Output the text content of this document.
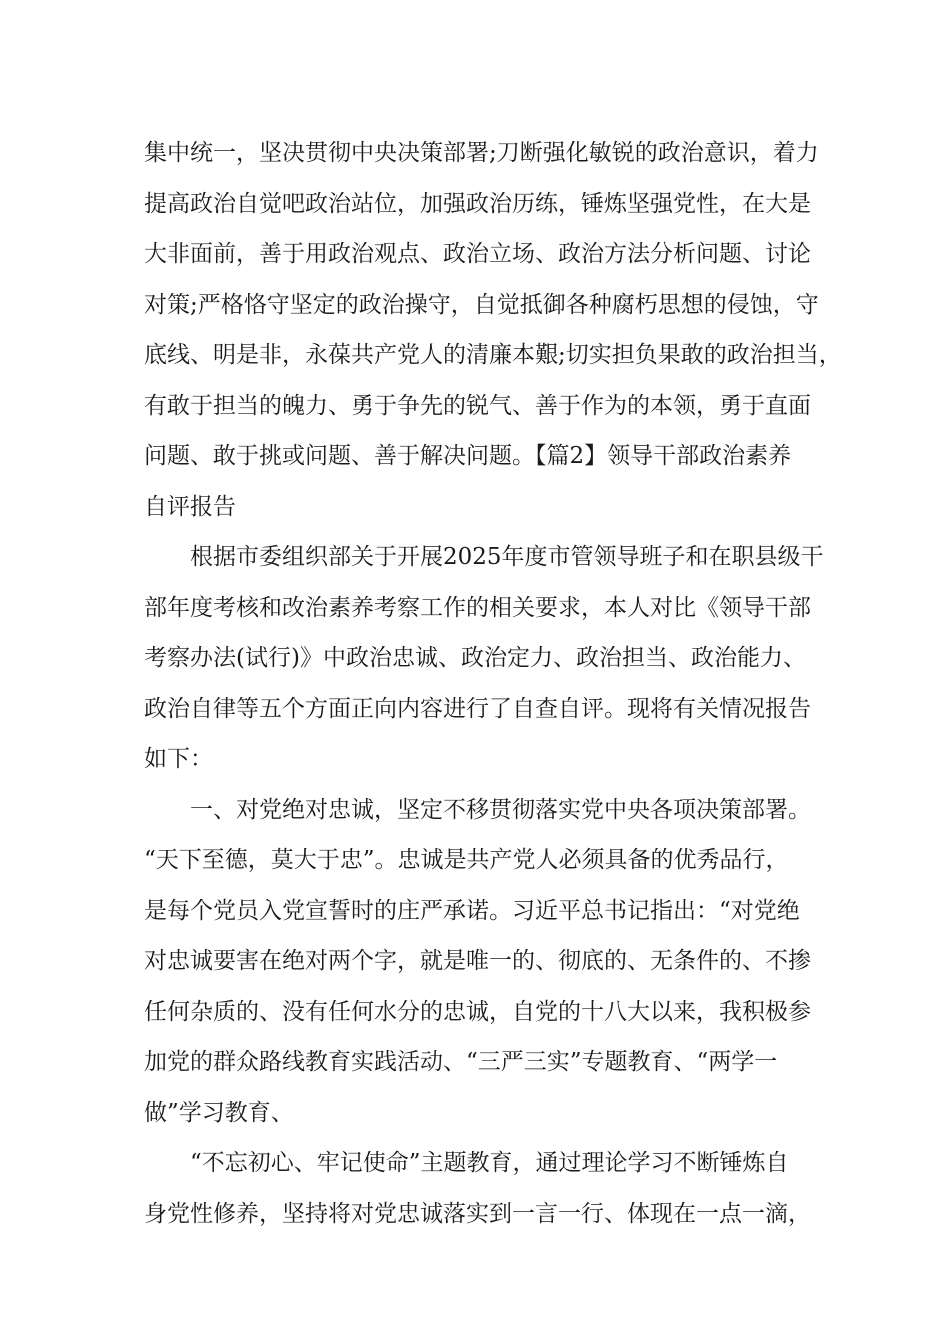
集中统一，坚决贯彻中央决策部署;刀断强化敏锐的政治意识，着力
提高政治自觉吧政治站位，加强政治历练，锤炼坚强党性，在大是
大非面前，善于用政治观点、政治立场、政治方法分析问题、讨论
对策;严格恪守坚定的政治操守，自觉抵御各种腐朽思想的侵蚀，守
底线、明是非，永葆共产党人的清廉本艱;切实担负果敢的政治担当，
有敢于担当的魄力、勇于争先的锐气、善于作为的本领，勇于直面
问题、敢于挑或问题、善于解决问题。【篇2】领导干部政治素养
自评报告
根据市委组织部关于开展2025年度市管领导班子和在职县级干
部年度考核和改治素养考察工作的相关要求，本人对比《领导干部
考察办法(试行)》中政治忠诚、政治定力、政治担当、政治能力、
政治自律等五个方面正向内容进行了自查自评。现将有关情况报告
如下：
一、对党绝对忠诚，坚定不移贯彻落实党中央各项决策部署。
“天下至德，莫大于忠”。忠诚是共产党人必须具备的优秀品行，
是每个党员入党宣誓时的庄严承诺。习近平总书记指出：“对党绝
对忠诚要害在绝对两个字，就是唯一的、彻底的、无条件的、不掺
任何杂质的、没有任何水分的忠诚，自党的十八大以来，我积极参
加党的群众路线教育实践活动、“三严三实”专题教育、“两学一
做”学习教育、
“不忘初心、牢记使命”主题教育，通过理论学习不断锤炼自
身党性修养，坚持将对党忠诚落实到一言一行、体现在一点一滴，
